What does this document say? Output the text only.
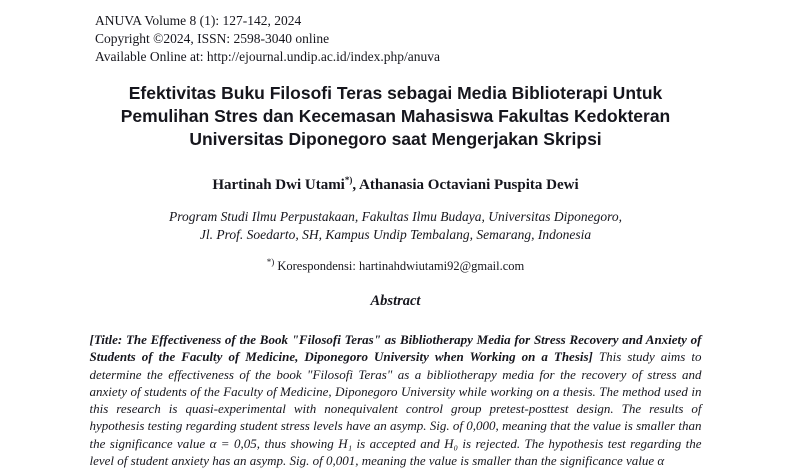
ANUVA Volume 8 (1): 127-142, 2024
Copyright ©2024, ISSN: 2598-3040 online
Available Online at: http://ejournal.undip.ac.id/index.php/anuva
Efektivitas Buku Filosofi Teras sebagai Media Biblioterapi Untuk
Pemulihan Stres dan Kecemasan Mahasiswa Fakultas Kedokteran
Universitas Diponegoro saat Mengerjakan Skripsi
Hartinah Dwi Utami*), Athanasia Octaviani Puspita Dewi
Program Studi Ilmu Perpustakaan, Fakultas Ilmu Budaya, Universitas Diponegoro,
Jl. Prof. Soedarto, SH, Kampus Undip Tembalang, Semarang, Indonesia
*) Korespondensi: hartinahdwiutami92@gmail.com
Abstract

[Title: The Effectiveness of the Book "Filosofi Teras" as Bibliotherapy Media for Stress Recovery and Anxiety of Students of the Faculty of Medicine, Diponegoro University when Working on a Thesis] This study aims to determine the effectiveness of the book "Filosofi Teras" as a bibliotherapy media for the recovery of stress and anxiety of students of the Faculty of Medicine, Diponegoro University while working on a thesis. The method used in this research is quasi-experimental with nonequivalent control group pretest-posttest design. The results of hypothesis testing regarding student stress levels have an asymp. Sig. of 0,000, meaning that the value is smaller than the significance value α = 0,05, thus showing H₁ is accepted and H₀ is rejected. The hypothesis test regarding the level of student anxiety has an asymp. Sig. of 0,001, meaning the value is smaller than the significance value α
